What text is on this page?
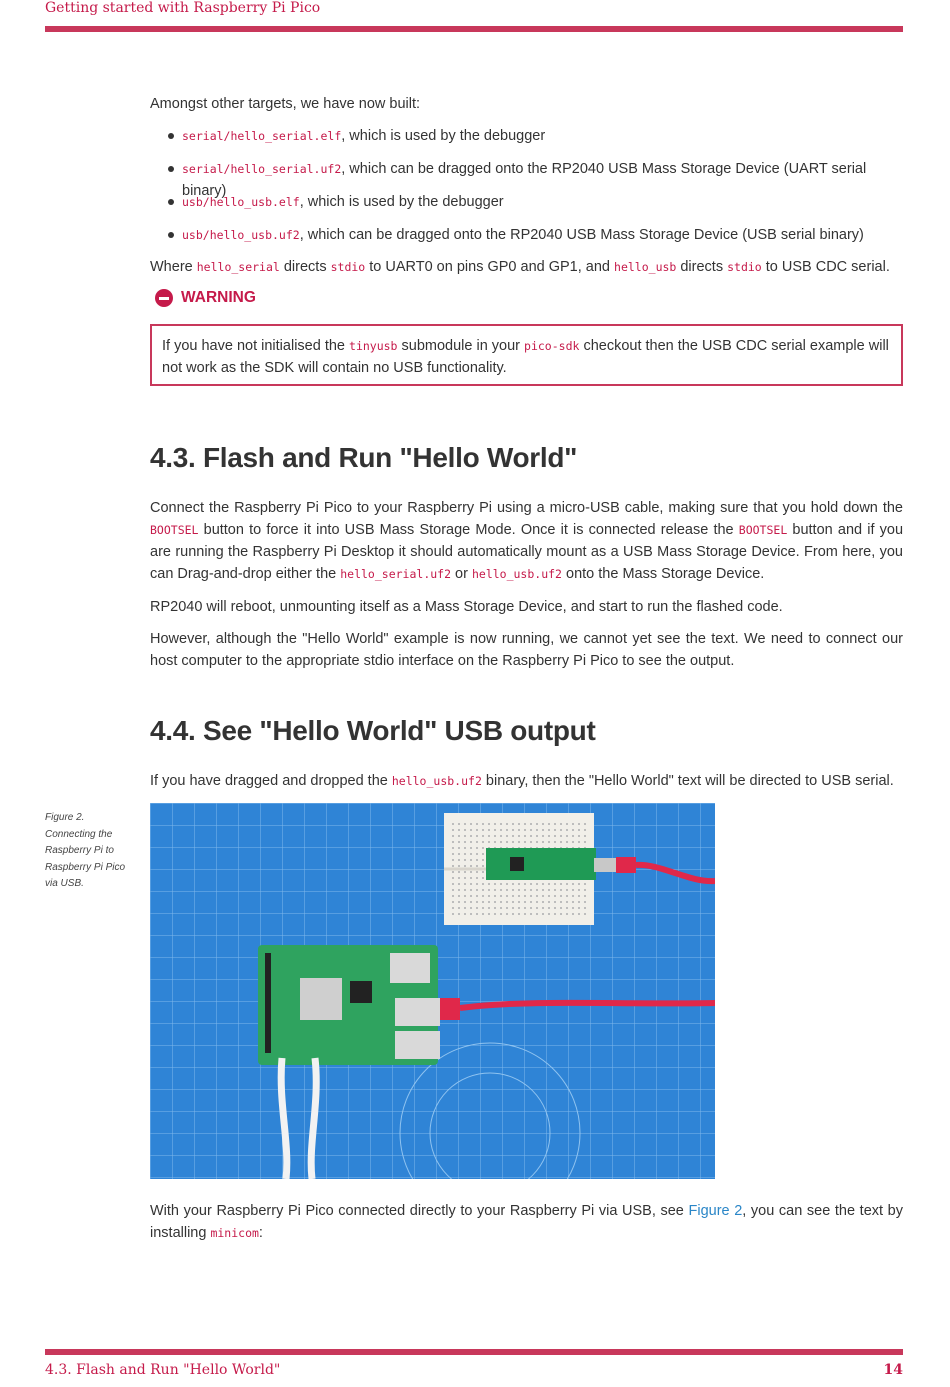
Getting started with Raspberry Pi Pico

Amongst other targets, we have now built:

serial/hello_serial.elf, which is used by the debugger
serial/hello_serial.uf2, which can be dragged onto the RP2040 USB Mass Storage Device (UART serial binary)
usb/hello_usb.elf, which is used by the debugger
usb/hello_usb.uf2, which can be dragged onto the RP2040 USB Mass Storage Device (USB serial binary)

Where hello_serial directs stdio to UART0 on pins GP0 and GP1, and hello_usb directs stdio to USB CDC serial.

WARNING

If you have not initialised the tinyusb submodule in your pico-sdk checkout then the USB CDC serial example will not work as the SDK will contain no USB functionality.

4.3. Flash and Run "Hello World"

Connect the Raspberry Pi Pico to your Raspberry Pi using a micro-USB cable, making sure that you hold down the BOOTSEL button to force it into USB Mass Storage Mode. Once it is connected release the BOOTSEL button and if you are running the Raspberry Pi Desktop it should automatically mount as a USB Mass Storage Device. From here, you can Drag-and-drop either the hello_serial.uf2 or hello_usb.uf2 onto the Mass Storage Device.

RP2040 will reboot, unmounting itself as a Mass Storage Device, and start to run the flashed code.

However, although the "Hello World" example is now running, we cannot yet see the text. We need to connect our host computer to the appropriate stdio interface on the Raspberry Pi Pico to see the output.

4.4. See "Hello World" USB output

If you have dragged and dropped the hello_usb.uf2 binary, then the "Hello World" text will be directed to USB serial.

Figure 2. Connecting the Raspberry Pi to Raspberry Pi Pico via USB.

With your Raspberry Pi Pico connected directly to your Raspberry Pi via USB, see Figure 2, you can see the text by installing minicom:

4.3. Flash and Run "Hello World"	14
